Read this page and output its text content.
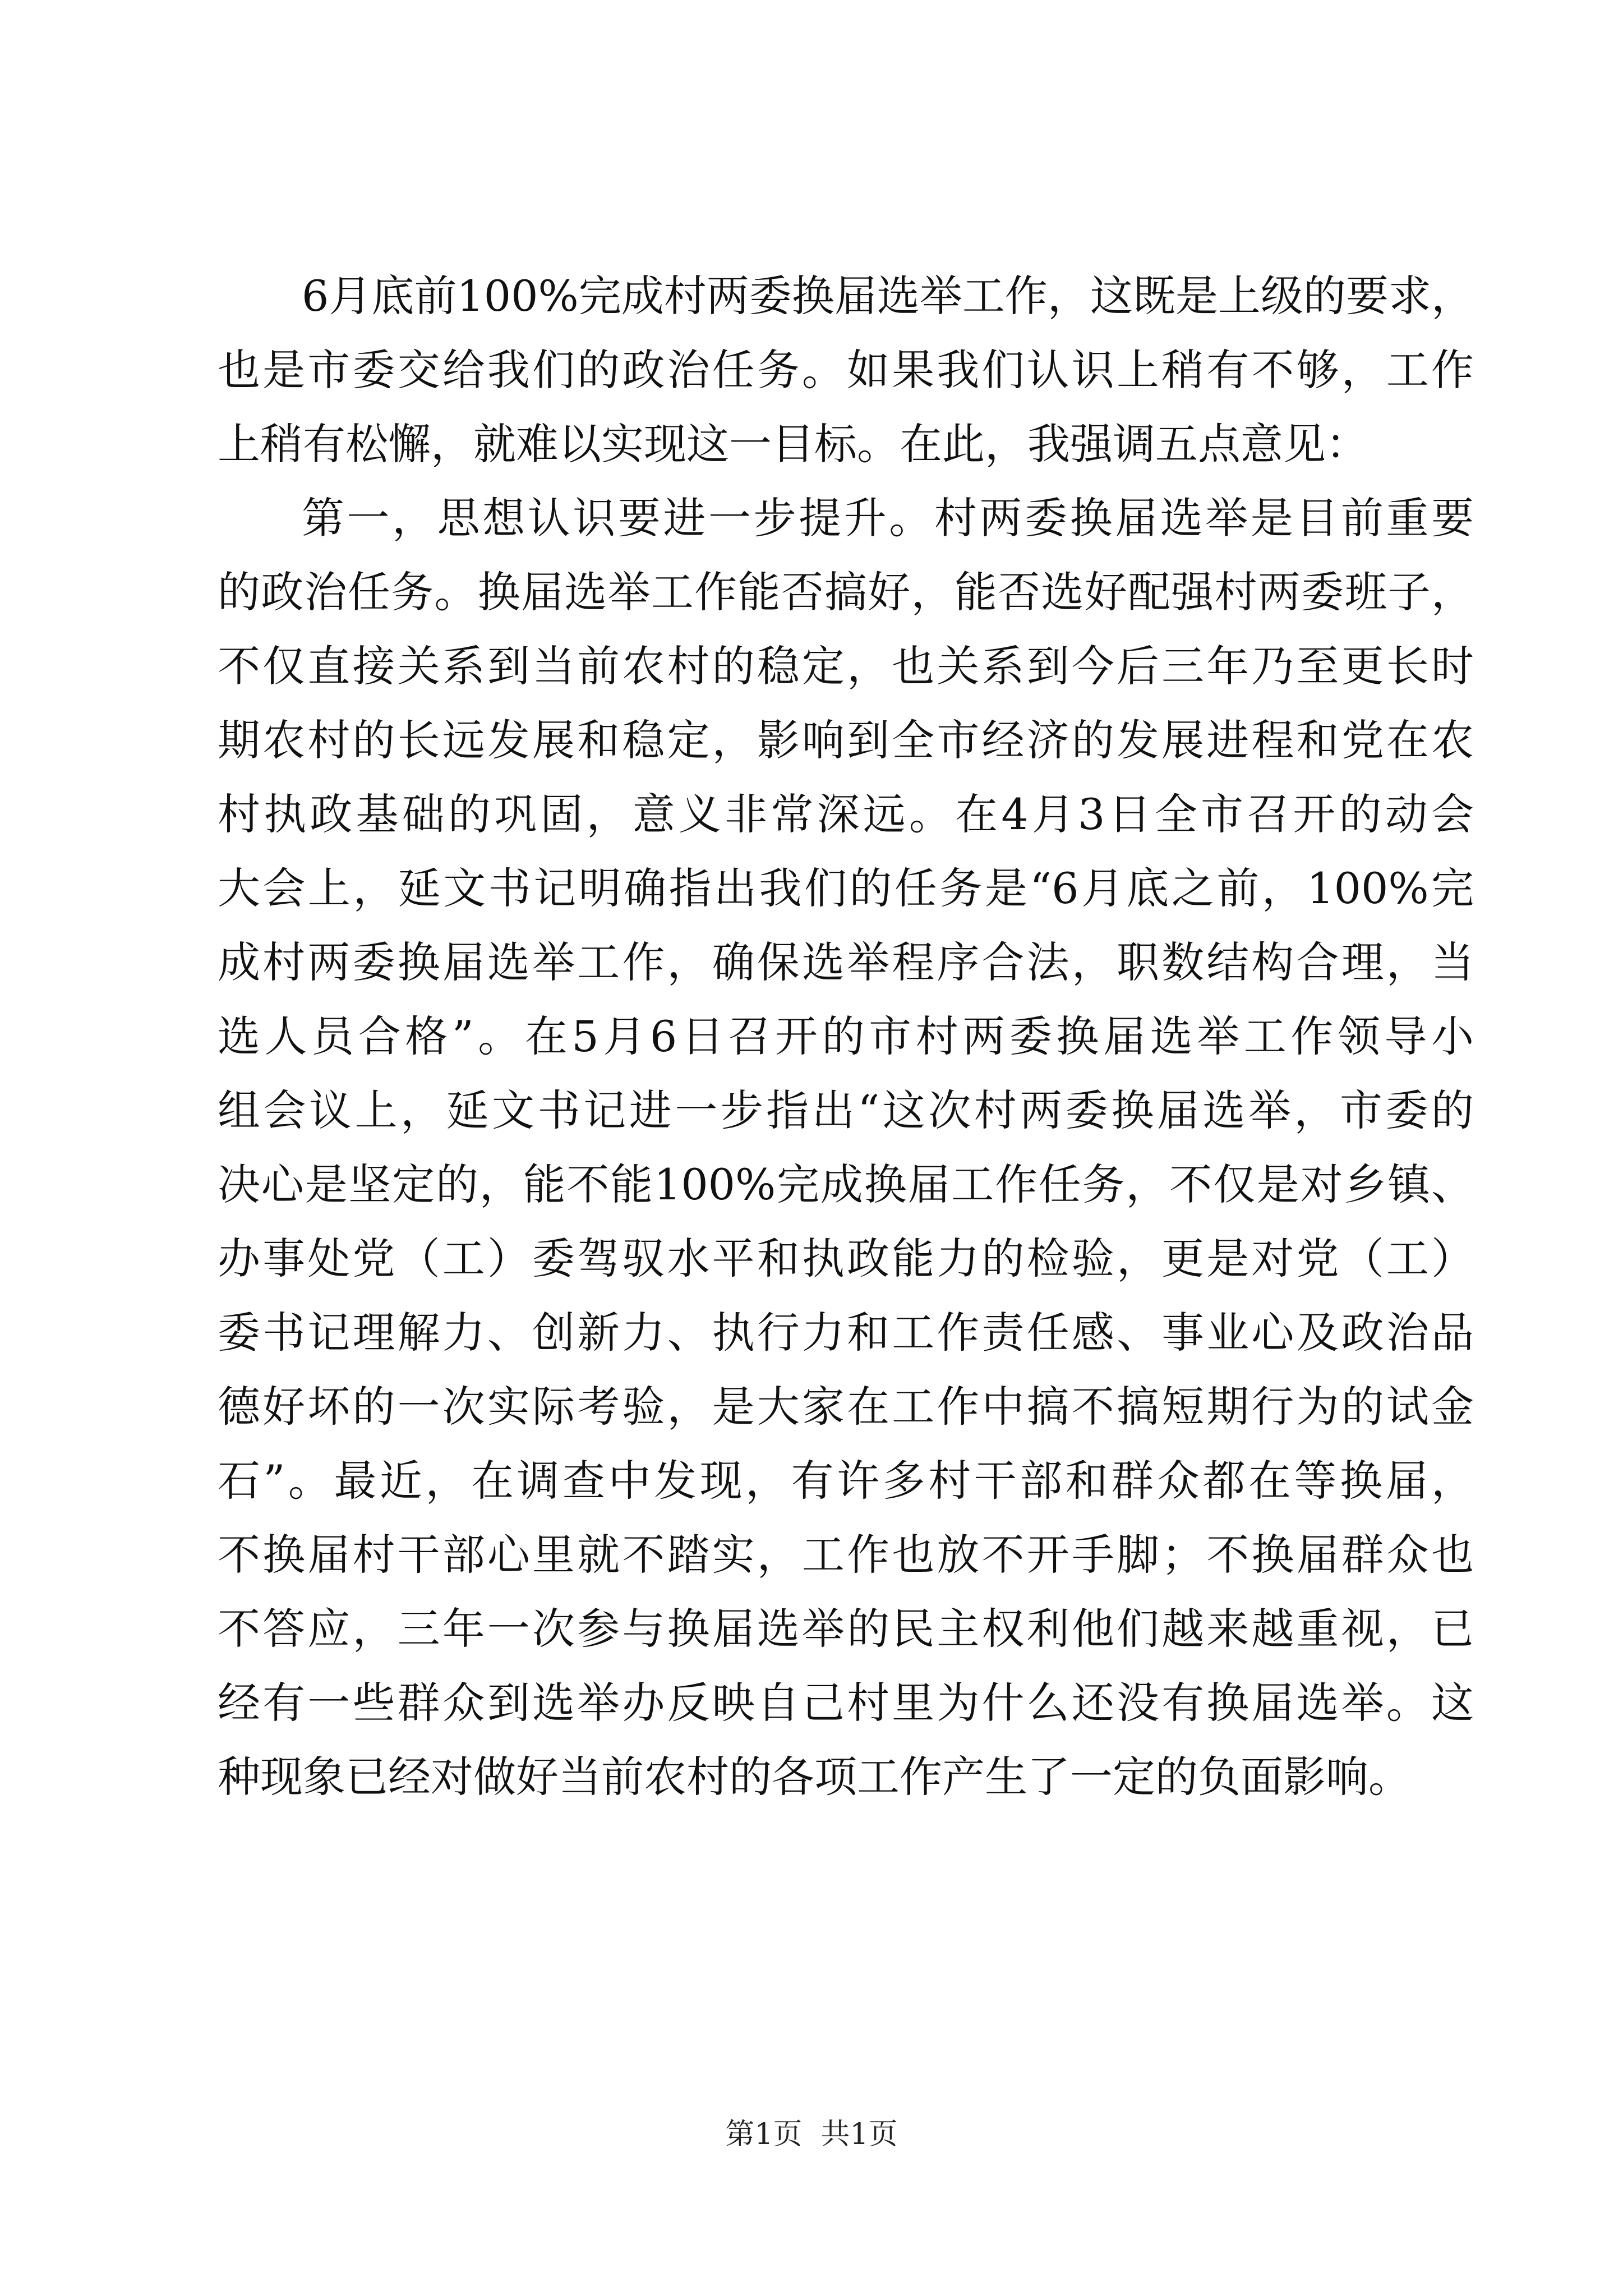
6月底前100%完成村两委换届选举工作，这既是上级的要求，
也是市委交给我们的政治任务。如果我们认识上稍有不够，工作
上稍有松懈，就难以实现这一目标。在此，我强调五点意见：
第一，思想认识要进一步提升。村两委换届选举是目前重要
的政治任务。换届选举工作能否搞好，能否选好配强村两委班子，
不仅直接关系到当前农村的稳定，也关系到今后三年乃至更长时
期农村的长远发展和稳定，影响到全市经济的发展进程和党在农
村执政基础的巩固，意义非常深远。在4月3日全市召开的动会
大会上，延文书记明确指出我们的任务是“6月底之前，100%完
成村两委换届选举工作，确保选举程序合法，职数结构合理，当
选人员合格”。在5月6日召开的市村两委换届选举工作领导小
组会议上，延文书记进一步指出“这次村两委换届选举，市委的
决心是坚定的，能不能100%完成换届工作任务，不仅是对乡镇、
办事处党（工）委驾驭水平和执政能力的检验，更是对党（工）
委书记理解力、创新力、执行力和工作责任感、事业心及政治品
德好坏的一次实际考验，是大家在工作中搞不搞短期行为的试金
石”。最近，在调查中发现，有许多村干部和群众都在等换届，
不换届村干部心里就不踏实，工作也放不开手脚；不换届群众也
不答应，三年一次参与换届选举的民主权利他们越来越重视，已
经有一些群众到选举办反映自己村里为什么还没有换届选举。这
种现象已经对做好当前农村的各项工作产生了一定的负面影响。
第1页  共1页
